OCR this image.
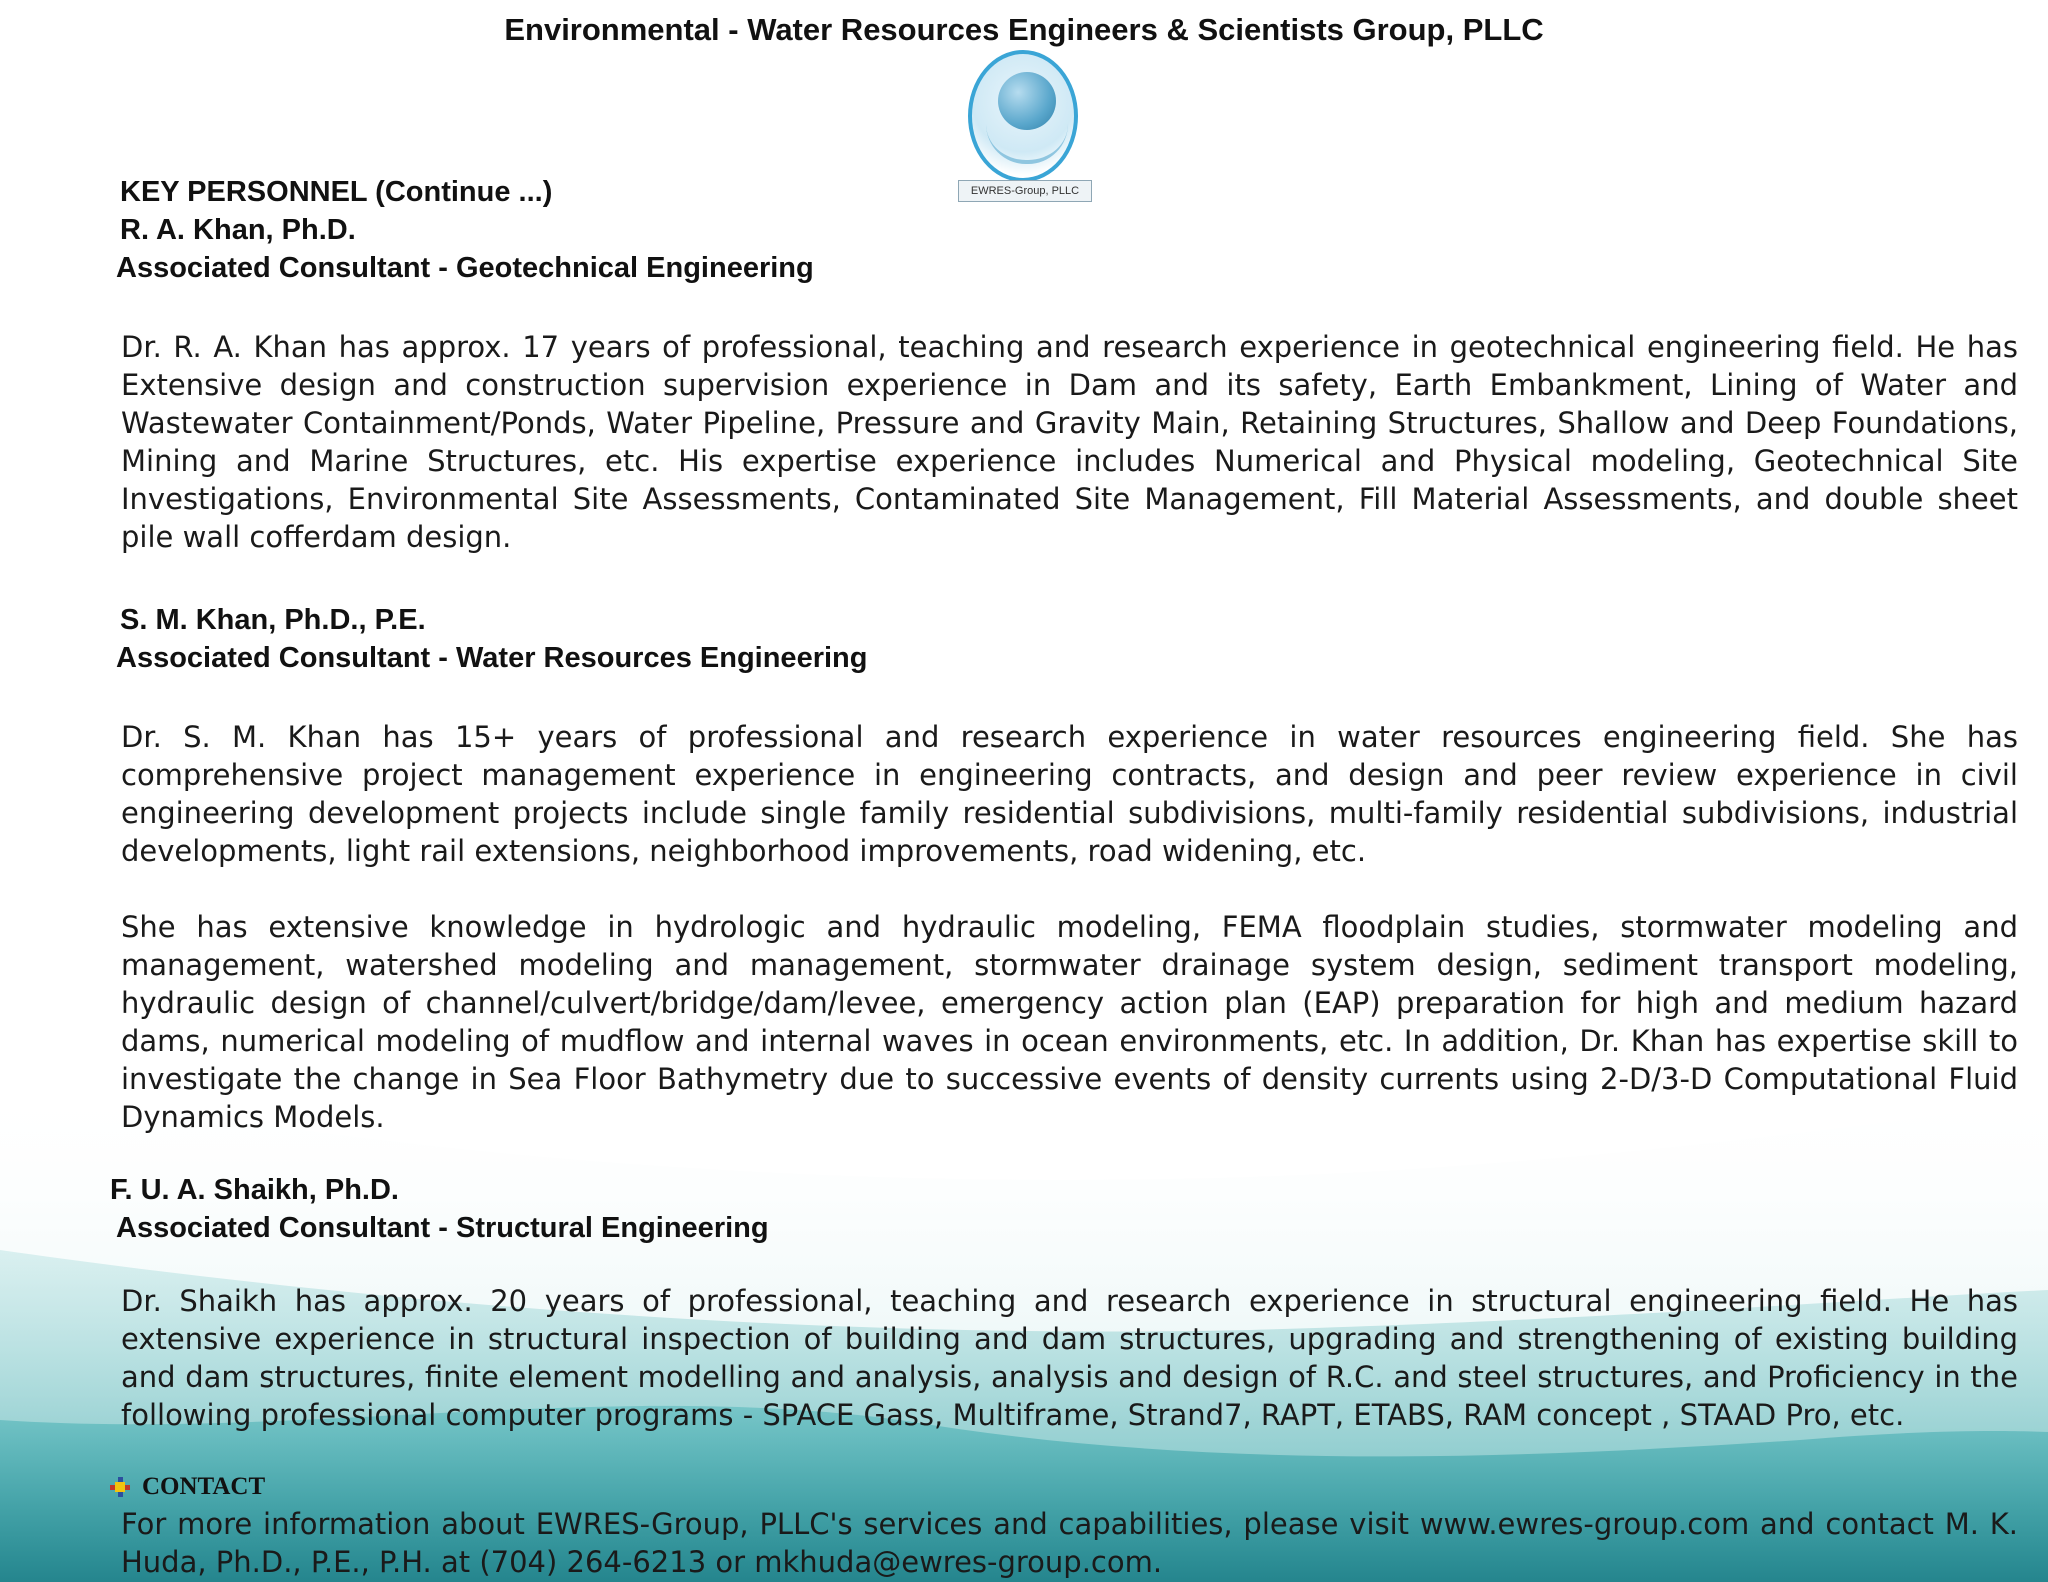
Environmental - Water Resources Engineers & Scientists Group, PLLC
EWRES-Group, PLLC
KEY PERSONNEL (Continue ...)
R. A. Khan, Ph.D.
Associated Consultant - Geotechnical Engineering
Dr. R. A. Khan has approx. 17 years of professional, teaching and research experience in geotechnical engineering field. He has Extensive design and construction supervision experience in Dam and its safety, Earth Embankment, Lining of Water and Wastewater Containment/Ponds, Water Pipeline, Pressure and Gravity Main, Retaining Structures, Shallow and Deep Foundations, Mining and Marine Structures, etc. His expertise experience includes Numerical and Physical modeling, Geotechnical Site Investigations, Environmental Site Assessments, Contaminated Site Management, Fill Material Assessments, and double sheet pile wall cofferdam design.
S. M. Khan, Ph.D., P.E.
Associated Consultant - Water Resources Engineering
Dr. S. M. Khan has 15+ years of professional and research experience in water resources engineering field. She has comprehensive project management experience in engineering contracts, and design and peer review experience in civil engineering development projects include single family residential subdivisions, multi-family residential subdivisions, industrial developments, light rail extensions, neighborhood improvements, road widening, etc.
She has extensive knowledge in hydrologic and hydraulic modeling, FEMA floodplain studies, stormwater modeling and management, watershed modeling and management, stormwater drainage system design, sediment transport modeling, hydraulic design of channel/culvert/bridge/dam/levee, emergency action plan (EAP) preparation for high and medium hazard dams, numerical modeling of mudflow and internal waves in ocean environments, etc. In addition, Dr. Khan has expertise skill to investigate the change in Sea Floor Bathymetry due to successive events of density currents using 2-D/3-D Computational Fluid Dynamics Models.
F. U. A. Shaikh, Ph.D.
Associated Consultant - Structural Engineering
Dr. Shaikh has approx. 20 years of professional, teaching and research experience in structural engineering field. He has extensive experience in structural inspection of building and dam structures, upgrading and strengthening of existing building and dam structures, finite element modelling and analysis, analysis and design of R.C. and steel structures, and Proficiency in the following professional computer programs - SPACE Gass, Multiframe, Strand7, RAPT, ETABS, RAM concept , STAAD Pro, etc.
CONTACT
For more information about EWRES-Group, PLLC's services and capabilities, please visit www.ewres-group.com and contact M. K. Huda, Ph.D., P.E., P.H. at (704) 264-6213 or mkhuda@ewres-group.com.
